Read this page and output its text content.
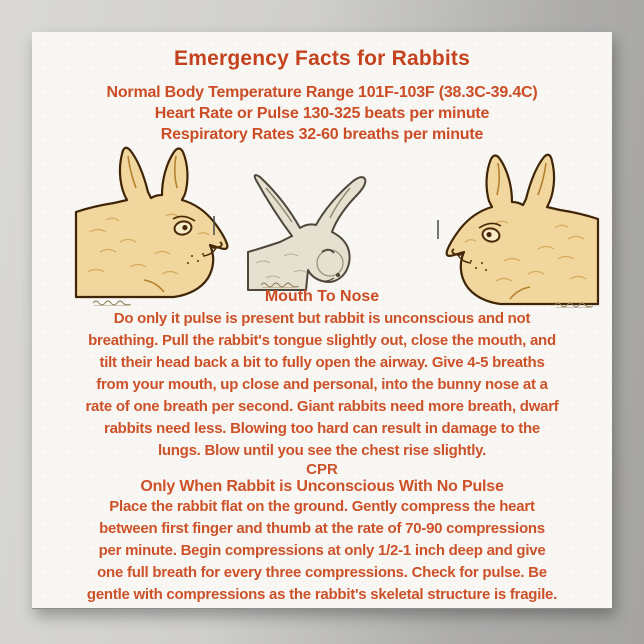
Emergency Facts for Rabbits
Normal Body Temperature Range 101F-103F (38.3C-39.4C)
Heart Rate or Pulse 130-325 beats per minute
Respiratory Rates 32-60 breaths per minute
Mouth To Nose
Do only it pulse is present but rabbit is unconscious and not
breathing. Pull the rabbit's tongue slightly out, close the mouth, and
tilt their head back a bit to fully open the airway. Give 4-5 breaths
from your mouth, up close and personal, into the bunny nose at a
rate of one breath per second. Giant rabbits need more breath, dwarf
rabbits need less. Blowing too hard can result in damage to the
lungs. Blow until you see the chest rise slightly.
CPR
Only When Rabbit is Unconscious With No Pulse
Place the rabbit flat on the ground. Gently compress the heart
between first finger and thumb at the rate of 70-90 compressions
per minute. Begin compressions at only 1/2-1 inch deep and give
one full breath for every three compressions. Check for pulse. Be
gentle with compressions as the rabbit's skeletal structure is fragile.
